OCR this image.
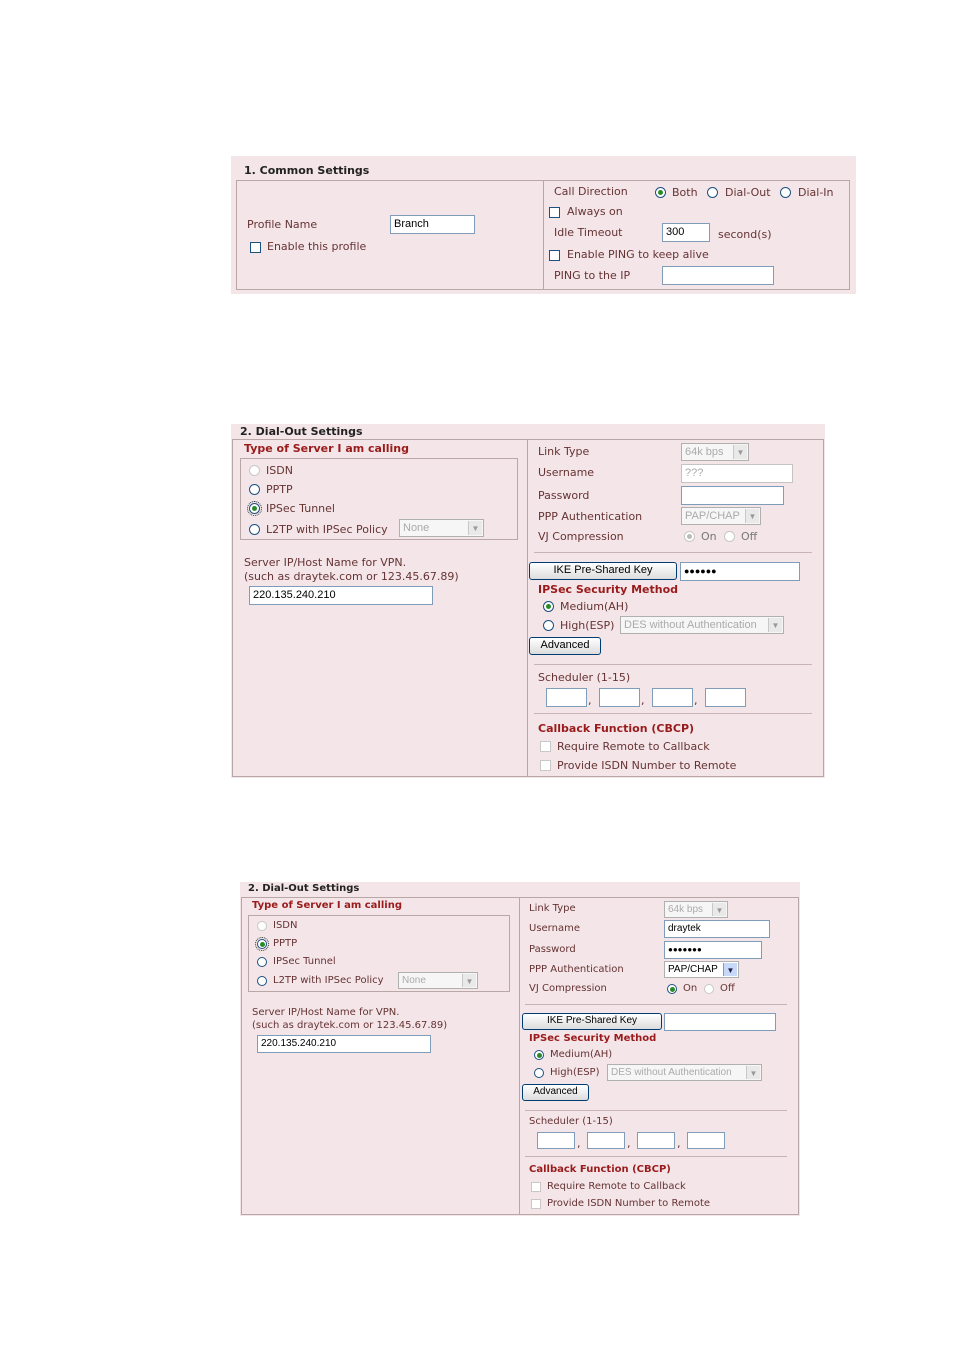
1. Common Settings
Profile Name	Branch
Enable this profile
Call Direction	Both Dial-Out Dial-In
Always on
Idle Timeout	300	second(s)
Enable PING to keep alive
PING to the IP
2. Dial-Out Settings
Type of Server I am calling
ISDN
PPTP
IPSec Tunnel
L2TP with IPSec Policy	None	▼
Server IP/Host Name for VPN.
(such as draytek.com or 123.45.67.89)
220.135.240.210
Link Type	64k bps	▼
Username	???
Password
PPP Authentication	PAP/CHAP	▼
VJ Compression	On Off
IKE Pre-Shared Key	●●●●●●
IPSec Security Method
Medium(AH)
High(ESP) DES without Authentication	▼
Advanced
Scheduler (1-15)
,	,	,
Callback Function (CBCP)
Require Remote to Callback
Provide ISDN Number to Remote
2. Dial-Out Settings
Type of Server I am calling
ISDN
PPTP
IPSec Tunnel
L2TP with IPSec Policy	None	▼
Server IP/Host Name for VPN.
(such as draytek.com or 123.45.67.89)
220.135.240.210
Link Type	64k bps	▼
Username	draytek
Password	●●●●●●●
PPP Authentication	PAP/CHAP	▼
VJ Compression	On Off
IKE Pre-Shared Key
IPSec Security Method
Medium(AH)
High(ESP)	DES without Authentication	▼
Advanced
Scheduler (1-15)
,	,	,
Callback Function (CBCP)
Require Remote to Callback
Provide ISDN Number to Remote
